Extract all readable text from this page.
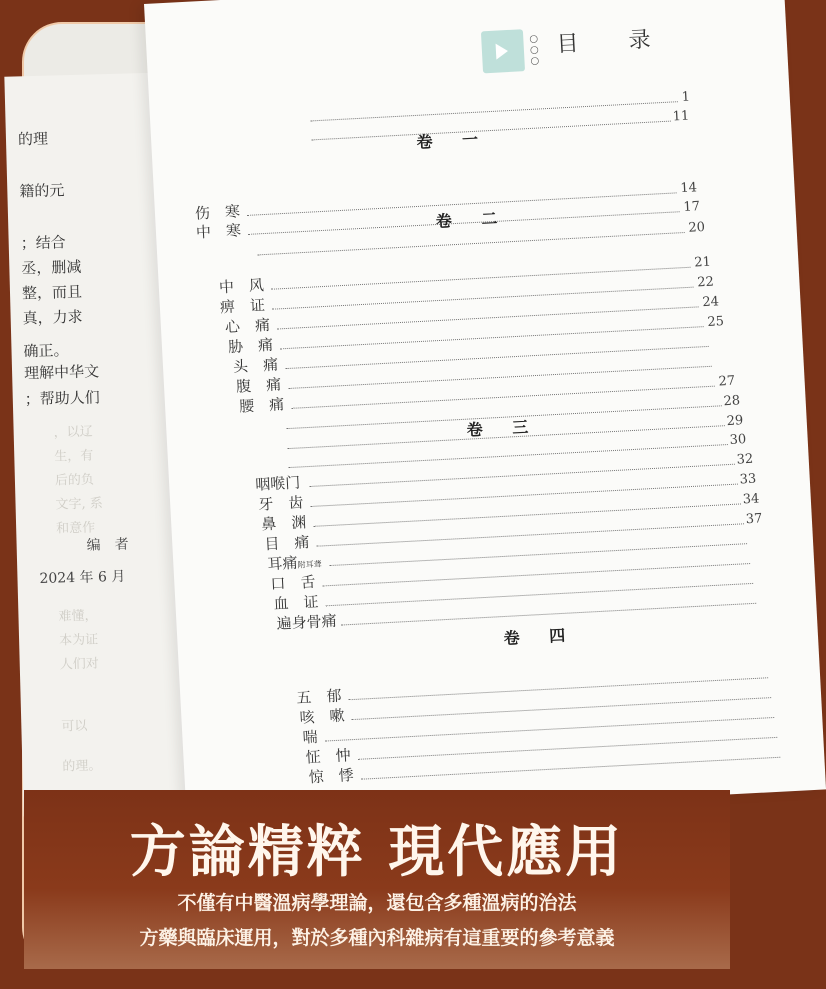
的理
籍的元
；结合
丞，删减
整，而且
真，力求
确正。
理解中华文
；帮助人们
，以辽
生，有
后的负
文字, 系
和意作
难懂，
本为证
人们对
可以
的理。
编　者
2024 年 6 月
○
○
○
目　录
卷 一
1
11
伤　寒
14
中　寒
17
卷 二	20
中　风
21
痹　证
22
心　痛
24
胁　痛
25
头　痛
腹　痛
腰　痛
27
卷 三
28
29
30
咽喉门
32
牙　齿
33
鼻　渊
34
目　痛
37
耳痛附耳聋
口　舌
血　证
遍身骨痛
卷 四
五　郁
咳　嗽
喘
怔　忡
惊　悸
方論精粹 現代應用
不僅有中醫溫病學理論，還包含多種溫病的治法
方藥與臨床運用，對於多種內科雜病有這重要的參考意義
